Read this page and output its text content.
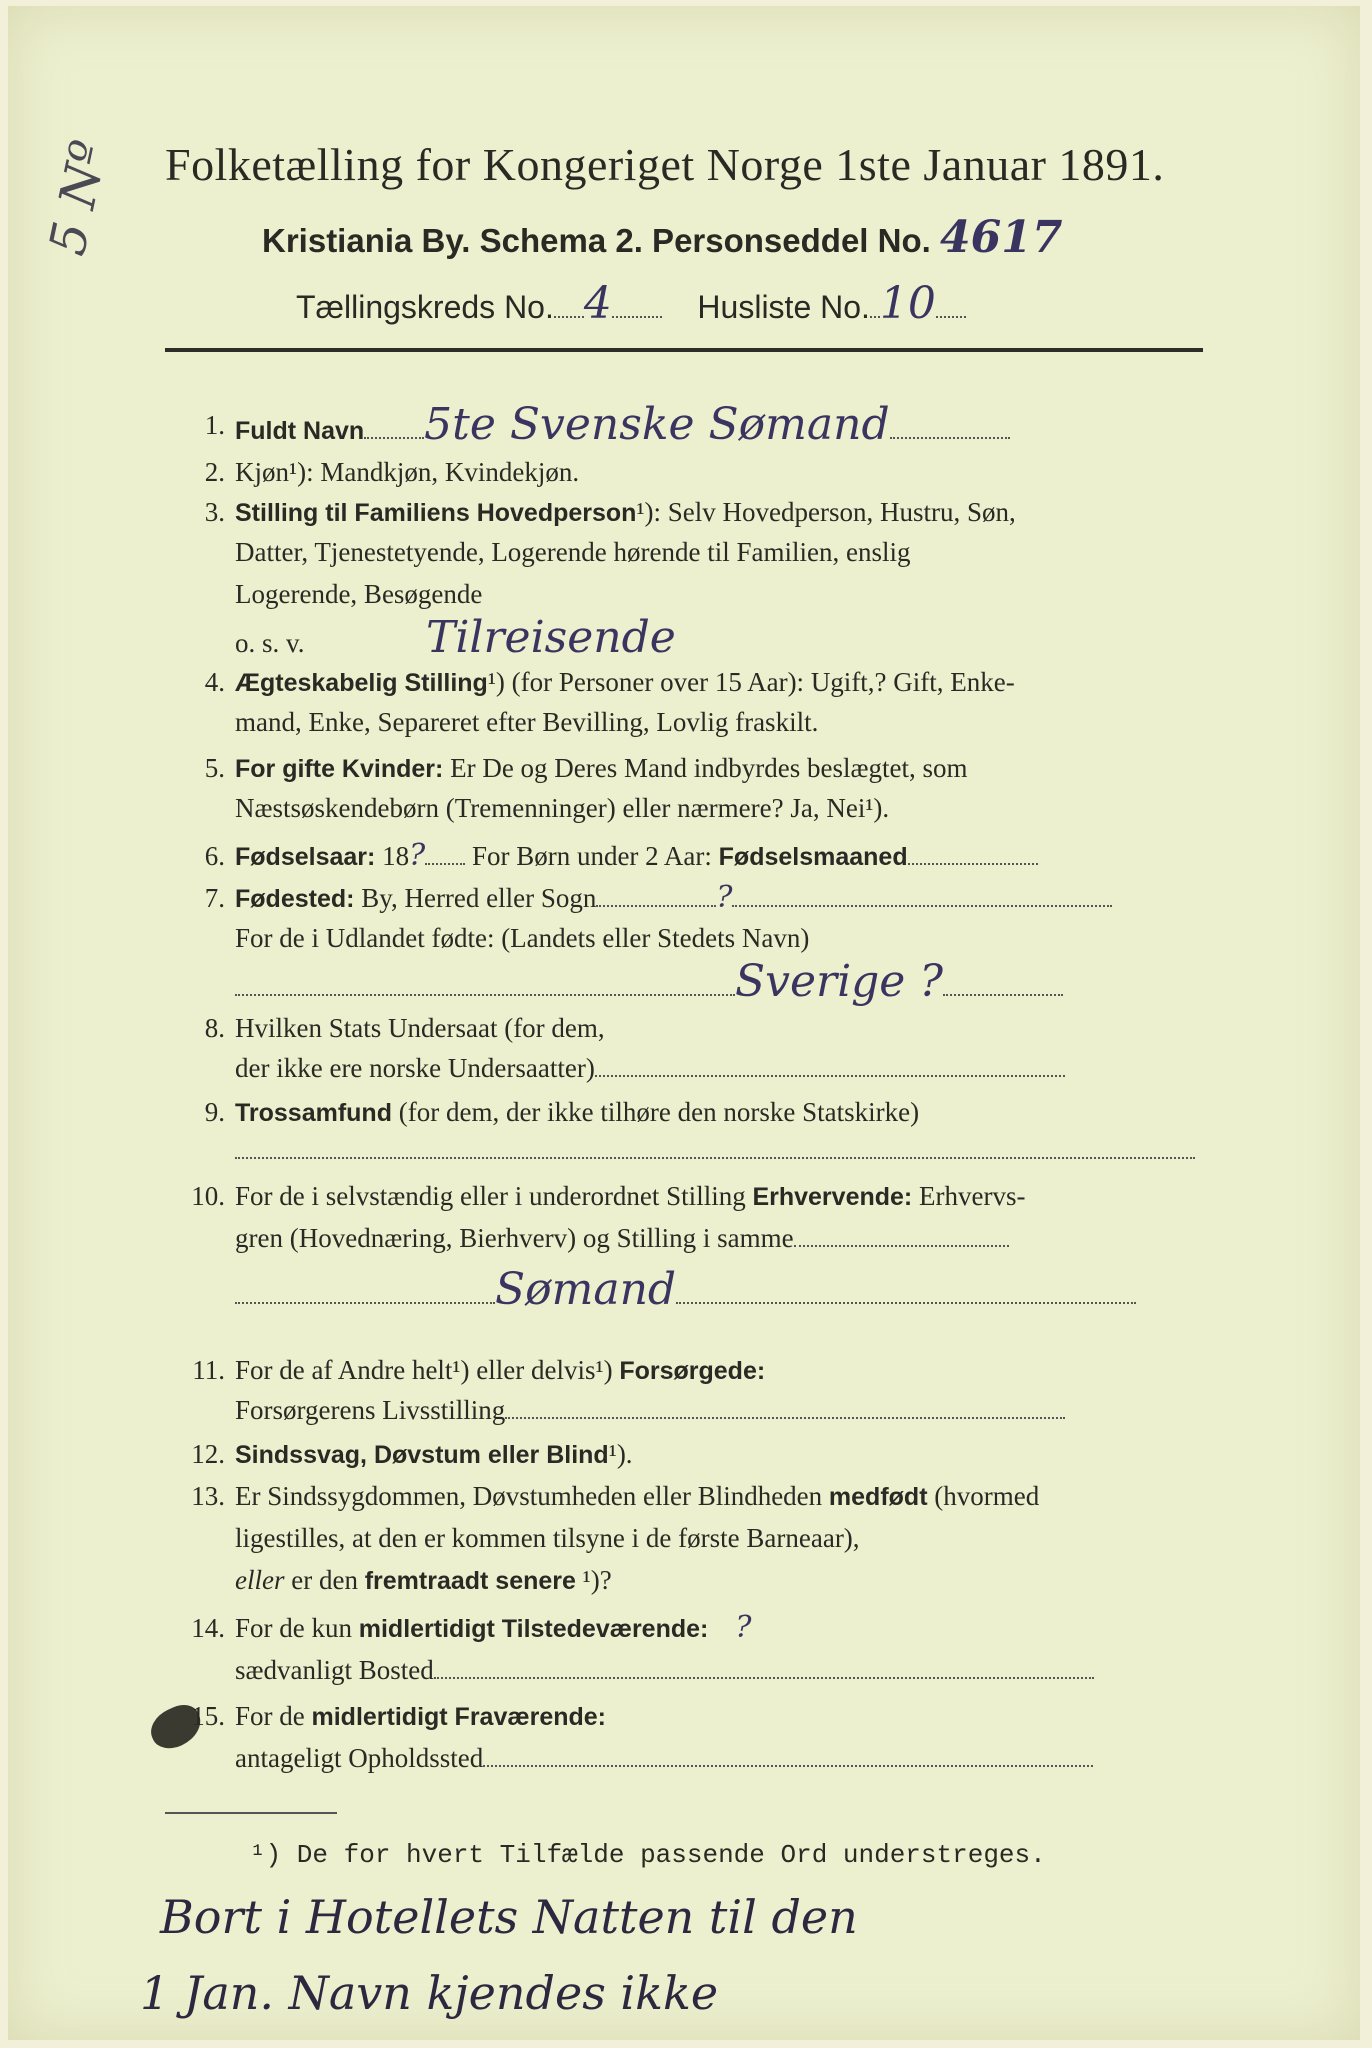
5 Nº Folketælling for Kongeriget Norge 1ste Januar 1891.
Kristiania By. Schema 2. Personseddel No. 4617
Tællingskreds No. 4	Husliste No. 10
1. Fuldt Navn 5te Svenske Sømand
2. Kjøn¹): Mandkjøn, Kvindekjøn.
3. Stilling til Familiens Hovedperson¹): Selv Hovedperson, Hustru, Søn,
Datter, Tjenestetyende, Logerende hørende til Familien, enslig
Logerende, Besøgende
o. s. v.	Tilreisende
4. Ægteskabelig Stilling¹) (for Personer over 15 Aar): Ugift,? Gift, Enke-
mand, Enke, Separeret efter Bevilling, Lovlig fraskilt.
5. For gifte Kvinder: Er De og Deres Mand indbyrdes beslægtet, som
Næstsøskendebørn (Tremenninger) eller nærmere? Ja, Nei¹).
6. Fødselsaar: 18? For Børn under 2 Aar: Fødselsmaaned
7. Fødested: By, Herred eller Sogn	?
For de i Udlandet fødte: (Landets eller Stedets Navn)
Sverige ?
8. Hvilken Stats Undersaat (for dem,
der ikke ere norske Undersaatter)
9. Trossamfund (for dem, der ikke tilhøre den norske Statskirke)
10. For de i selvstændig eller i underordnet Stilling Erhvervende: Erhvervs-
gren (Hovednæring, Bierhverv) og Stilling i samme
Sømand
11. For de af Andre helt¹) eller delvis¹) Forsørgede:
Forsørgerens Livsstilling
12. Sindssvag, Døvstum eller Blind¹).
13. Er Sindssygdommen, Døvstumheden eller Blindheden medfødt (hvormed
ligestilles, at den er kommen tilsyne i de første Barneaar),
eller er den fremtraadt senere ¹)?
14. For de kun midlertidigt Tilstedeværende: ?
sædvanligt Bosted
15. For de midlertidigt Fraværende:
antageligt Opholdssted
¹) De for hvert Tilfælde passende Ord understreges.
Bort i Hotellets Natten til den
1 Jan. Navn kjendes ikke
